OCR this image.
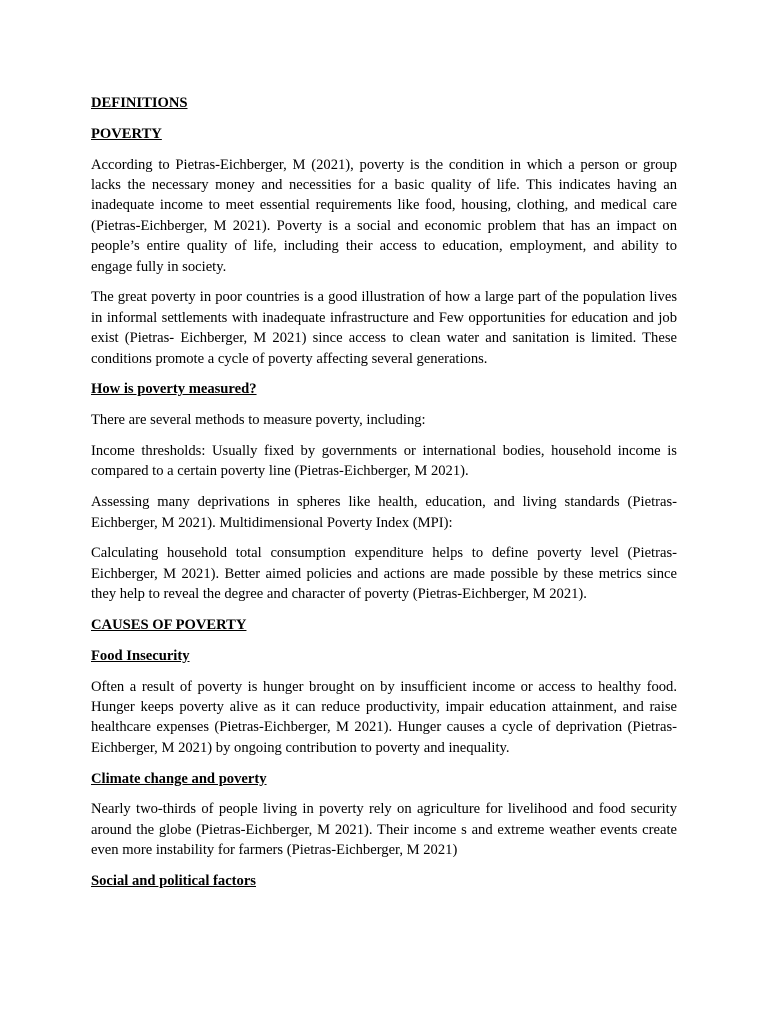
DEFINITIONS
POVERTY

According to Pietras-Eichberger, M (2021), poverty is the condition in which a person or group lacks the necessary money and necessities for a basic quality of life. This indicates having an inadequate income to meet essential requirements like food, housing, clothing, and medical care (Pietras-Eichberger, M 2021). Poverty is a social and economic problem that has an impact on people’s entire quality of life, including their access to education, employment, and ability to engage fully in society.

The great poverty in poor countries is a good illustration of how a large part of the population lives in informal settlements with inadequate infrastructure and Few opportunities for education and job exist (Pietras- Eichberger, M 2021) since access to clean water and sanitation is limited. These conditions promote a cycle of poverty affecting several generations.

How is poverty measured?

There are several methods to measure poverty, including:

Income thresholds: Usually fixed by governments or international bodies, household income is compared to a certain poverty line (Pietras-Eichberger, M 2021).

Assessing many deprivations in spheres like health, education, and living standards (Pietras-Eichberger, M 2021). Multidimensional Poverty Index (MPI):

Calculating household total consumption expenditure helps to define poverty level (Pietras-Eichberger, M 2021). Better aimed policies and actions are made possible by these metrics since they help to reveal the degree and character of poverty (Pietras-Eichberger, M 2021).

CAUSES OF POVERTY
Food Insecurity

Often a result of poverty is hunger brought on by insufficient income or access to healthy food. Hunger keeps poverty alive as it can reduce productivity, impair education attainment, and raise healthcare expenses (Pietras-Eichberger, M 2021). Hunger causes a cycle of deprivation (Pietras-Eichberger, M 2021) by ongoing contribution to poverty and inequality.

Climate change and poverty

Nearly two-thirds of people living in poverty rely on agriculture for livelihood and food security around the globe (Pietras-Eichberger, M 2021). Their income s and extreme weather events create even more instability for farmers (Pietras-Eichberger, M 2021)

Social and political factors
